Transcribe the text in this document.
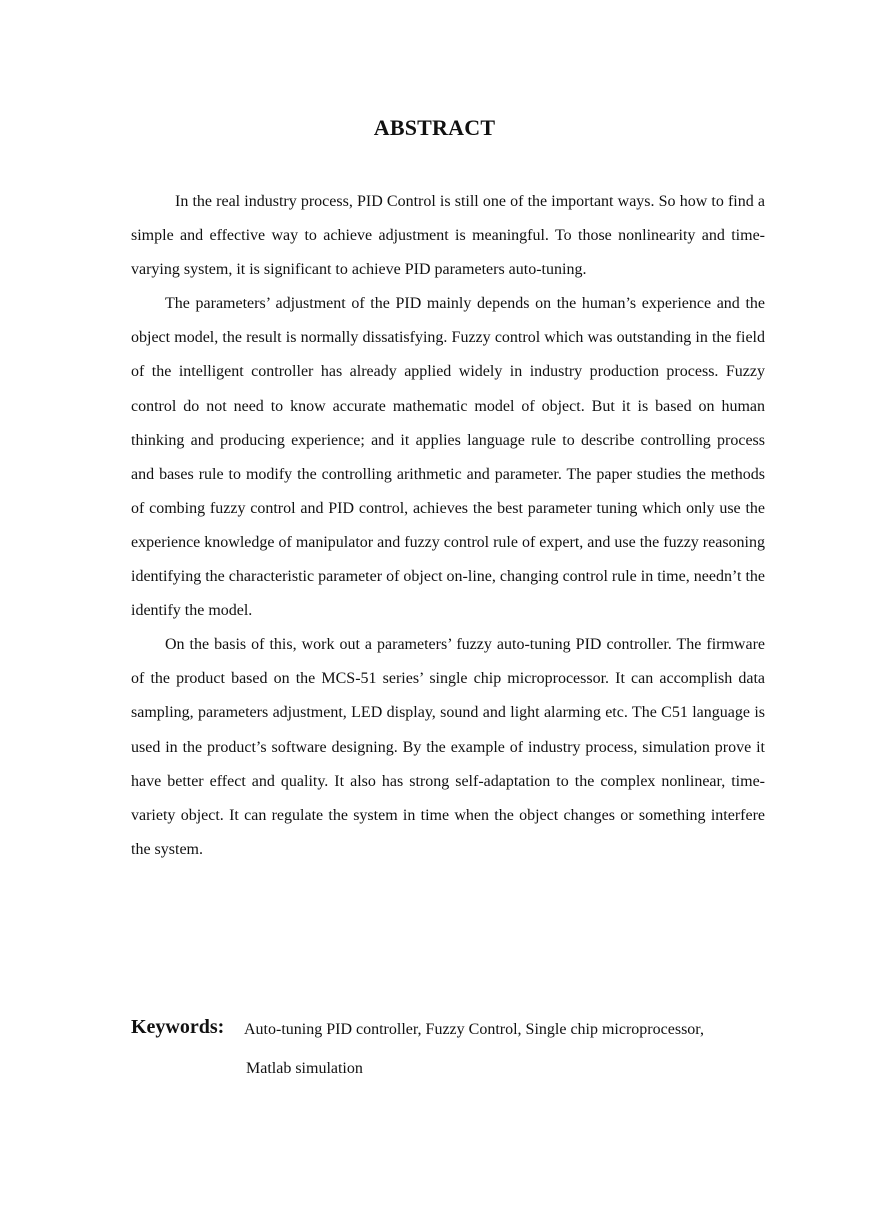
ABSTRACT

In the real industry process, PID Control is still one of the important ways. So how to find a simple and effective way to achieve adjustment is meaningful. To those nonlinearity and time-varying system, it is significant to achieve PID parameters auto-tuning.

The parameters’ adjustment of the PID mainly depends on the human’s experience and the object model, the result is normally dissatisfying. Fuzzy control which was outstanding in the field of the intelligent controller has already applied widely in industry production process. Fuzzy control do not need to know accurate mathematic model of object. But it is based on human thinking and producing experience; and it applies language rule to describe controlling process and bases rule to modify the controlling arithmetic and parameter. The paper studies the methods of combing fuzzy control and PID control, achieves the best parameter tuning which only use the experience knowledge of manipulator and fuzzy control rule of expert, and use the fuzzy reasoning identifying the characteristic parameter of object on-line, changing control rule in time, needn’t the identify the model.

On the basis of this, work out a parameters’ fuzzy auto-tuning PID controller. The firmware of the product based on the MCS-51 series’ single chip microprocessor. It can accomplish data sampling, parameters adjustment, LED display, sound and light alarming etc. The C51 language is used in the product’s software designing. By the example of industry process, simulation prove it have better effect and quality. It also has strong self-adaptation to the complex nonlinear, time-variety object. It can regulate the system in time when the object changes or something interfere the system.

Keywords: Auto-tuning PID controller, Fuzzy Control, Single chip microprocessor,
Matlab simulation
